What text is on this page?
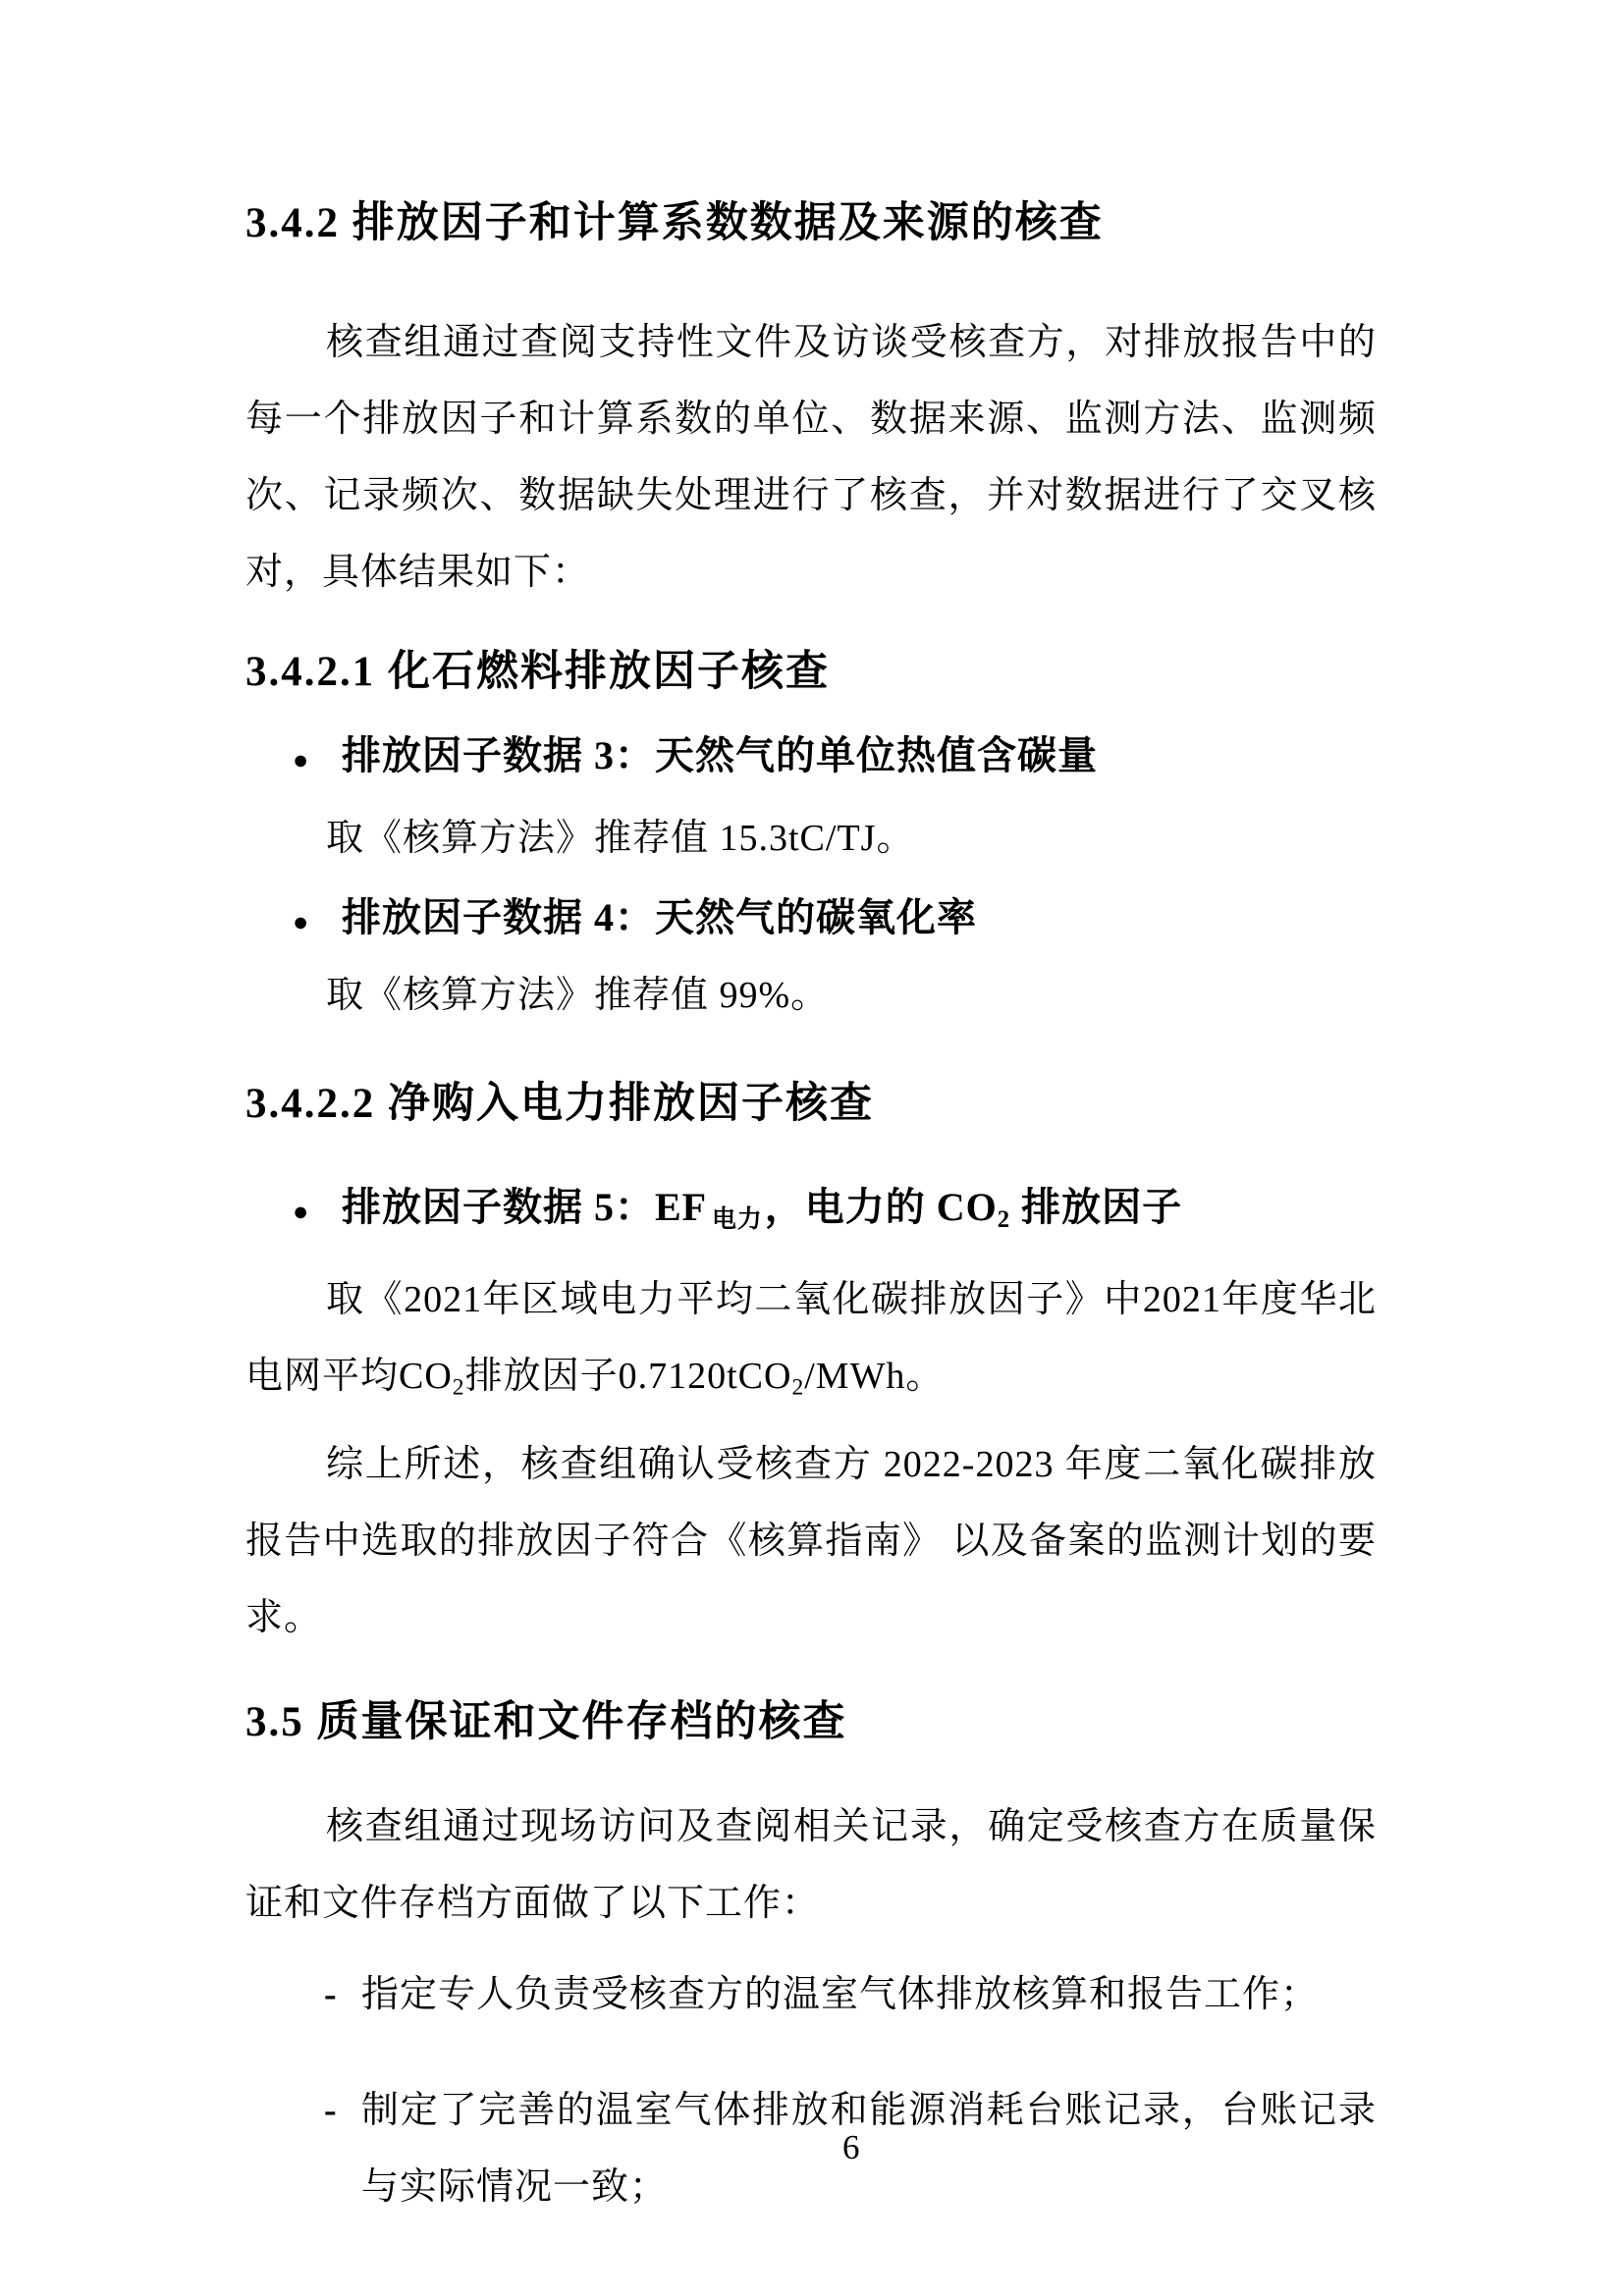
3.4.2 排放因子和计算系数数据及来源的核查
核查组通过查阅支持性文件及访谈受核查方，对排放报告中的每一个排放因子和计算系数的单位、数据来源、监测方法、监测频次、记录频次、数据缺失处理进行了核查，并对数据进行了交叉核对，具体结果如下：
3.4.2.1 化石燃料排放因子核查
● 排放因子数据 3：天然气的单位热值含碳量
取《核算方法》推荐值 15.3tC/TJ。
● 排放因子数据 4：天然气的碳氧化率
取《核算方法》推荐值 99%。
3.4.2.2 净购入电力排放因子核查
● 排放因子数据 5：EF $_{电力}$，电力的 $CO_2$ 排放因子
取《2021年区域电力平均二氧化碳排放因子》中2021年度华北电网平均$CO_2$排放因子0.7120tCO$_2$/MWh。
综上所述，核查组确认受核查方 2022-2023 年度二氧化碳排放报告中选取的排放因子符合《核算指南》 以及备案的监测计划的要求。
3.5 质量保证和文件存档的核查
核查组通过现场访问及查阅相关记录，确定受核查方在质量保证和文件存档方面做了以下工作：
- 指定专人负责受核查方的温室气体排放核算和报告工作；
- 制定了完善的温室气体排放和能源消耗台账记录，台账记录与实际情况一致；
6
